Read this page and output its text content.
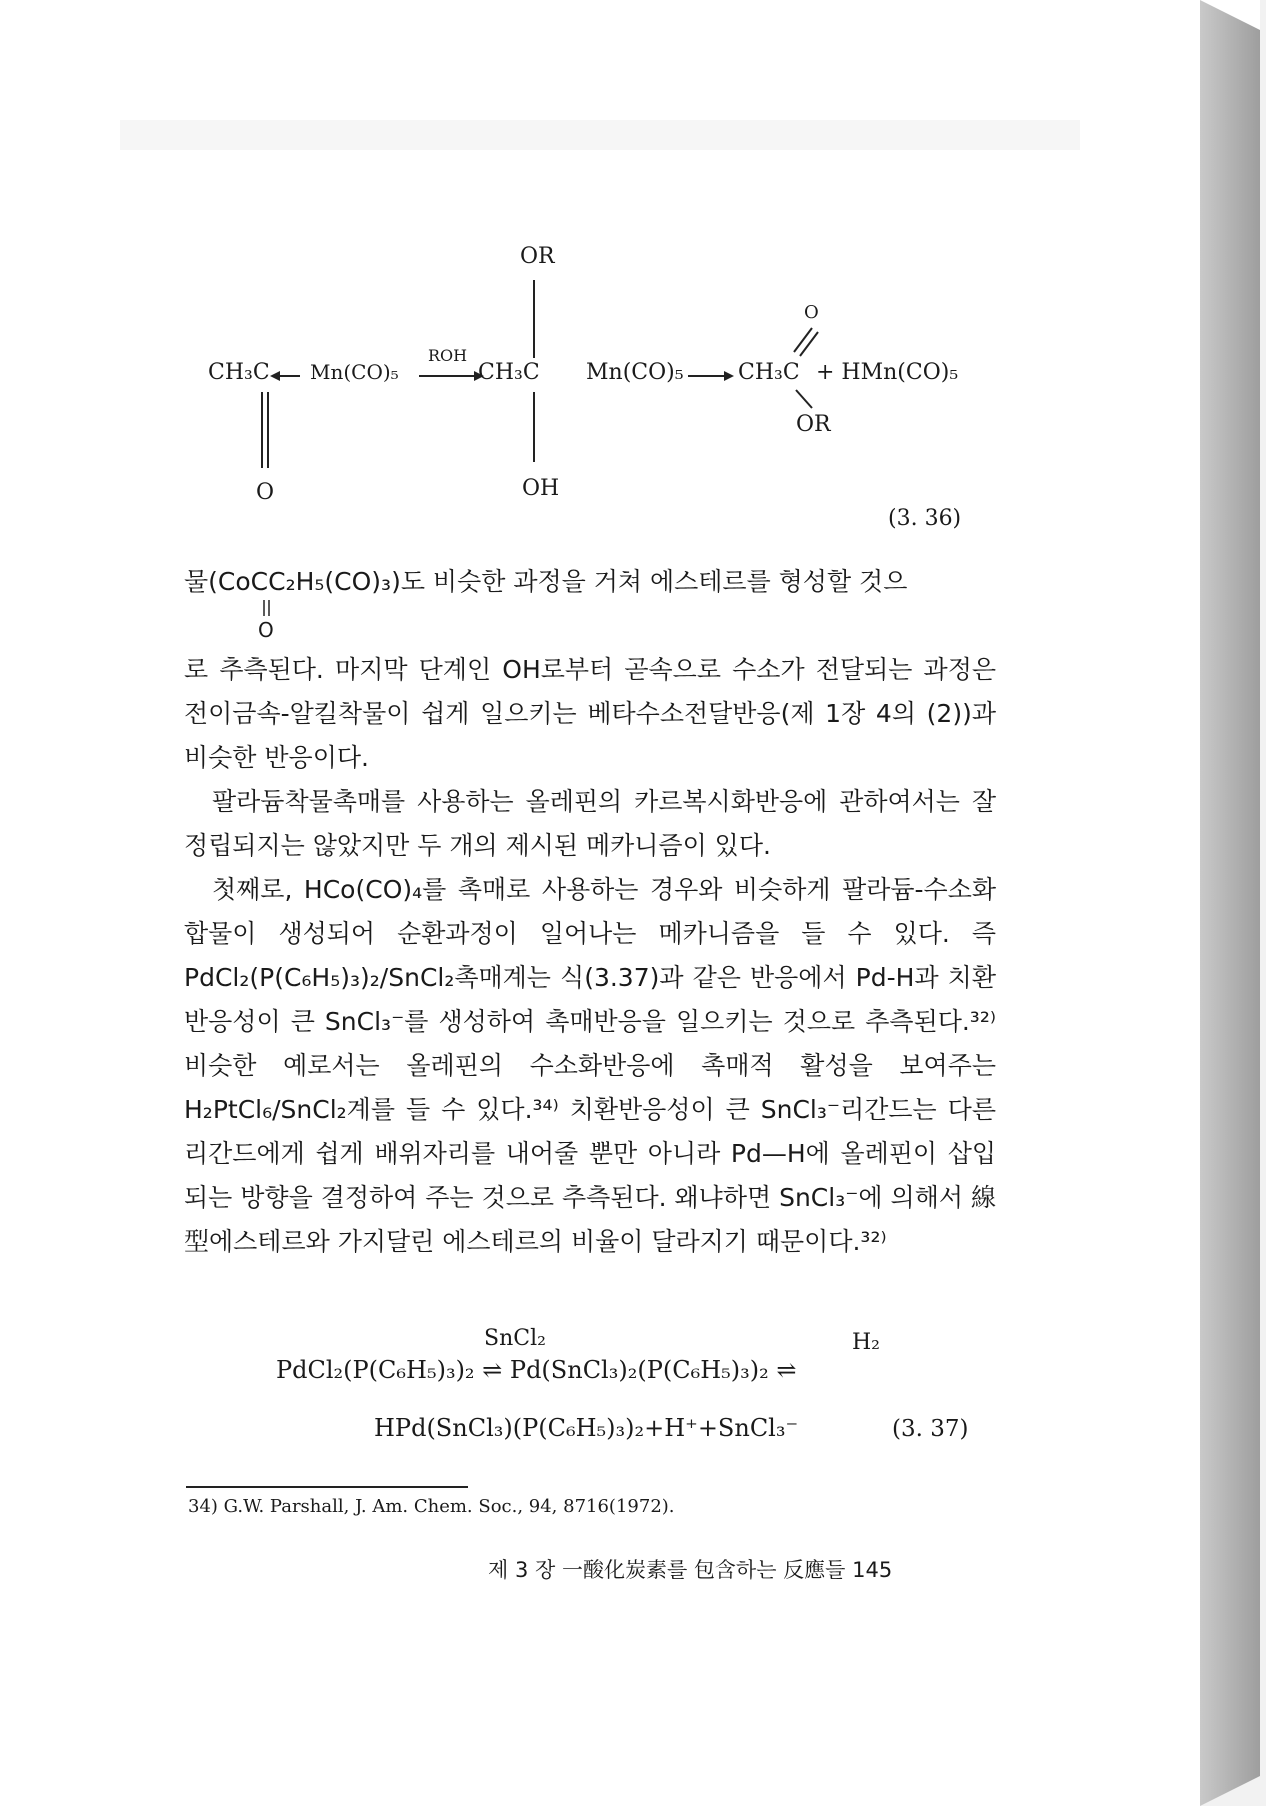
OR
O
CH₃C Mn(CO)₅
ROH
CH₃C Mn(CO)₅ CH₃C + HMn(CO)₅
OR
O	OH
(3. 36)

물(CoCC₂H₅(CO)₃)도 비슷한 과정을 거쳐 에스테르를 형성할 것으

O

로 추측된다. 마지막 단계인 OH로부터 곧속으로 수소가 전달되는 과정은 전이금속-알킬착물이 쉽게 일으키는 베타수소전달반응(제 1장 4의 (2))과 비슷한 반응이다.

팔라듐착물촉매를 사용하는 올레핀의 카르복시화반응에 관하여서는 잘 정립되지는 않았지만 두 개의 제시된 메카니즘이 있다.

첫째로, HCo(CO)₄를 촉매로 사용하는 경우와 비슷하게 팔라듐-수소화합물이 생성되어 순환과정이 일어나는 메카니즘을 들 수 있다. 즉 PdCl₂(P(C₆H₅)₃)₂/SnCl₂촉매계는 식(3.37)과 같은 반응에서 Pd-H과 치환반응성이 큰 SnCl₃⁻를 생성하여 촉매반응을 일으키는 것으로 추측된다.³²⁾ 비슷한 예로서는 올레핀의 수소화반응에 촉매적 활성을 보여주는 H₂PtCl₆/SnCl₂계를 들 수 있다.³⁴⁾ 치환반응성이 큰 SnCl₃⁻리간드는 다른 리간드에게 쉽게 배위자리를 내어줄 뿐만 아니라 Pd—H에 올레핀이 삽입되는 방향을 결정하여 주는 것으로 추측된다. 왜냐하면 SnCl₃⁻에 의해서 線型에스테르와 가지달린 에스테르의 비율이 달라지기 때문이다.³²⁾

SnCl₂	H₂
PdCl₂(P(C₆H₅)₃)₂ ⇌ Pd(SnCl₃)₂(P(C₆H₅)₃)₂ ⇌
HPd(SnCl₃)(P(C₆H₅)₃)₂+H⁺+SnCl₃⁻	(3. 37)
34) G.W. Parshall, J. Am. Chem. Soc., 94, 8716(1972).
제 3 장 一酸化炭素를 包含하는 反應들 145
